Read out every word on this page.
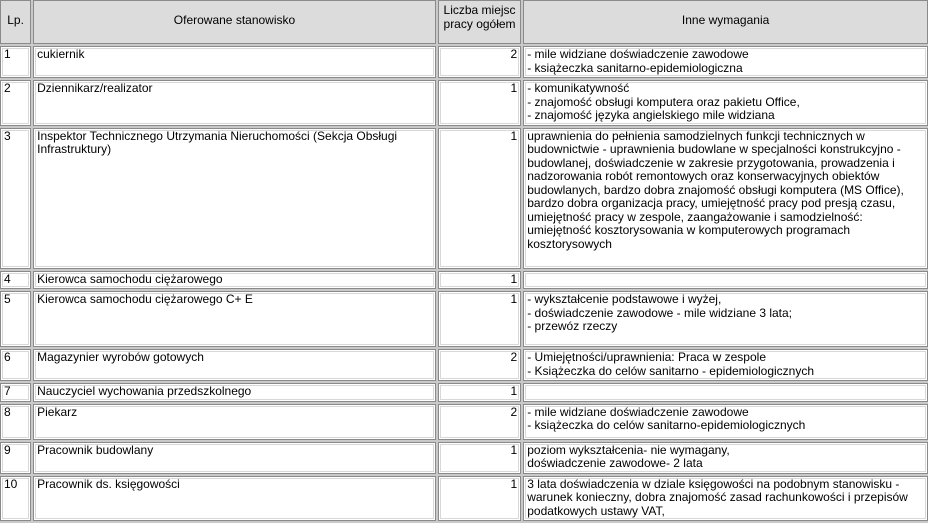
Lp.	Oferowane stanowisko	Liczba miejsc pracy ogółem	Inne wymagania
1	cukiernik	2	- mile widziane doświadczenie zawodowe
- książeczka sanitarno-epidemiologiczna

2	Dziennikarz/realizator	1	- komunikatywność
- znajomość obsługi komputera oraz pakietu Office,
- znajomość języka angielskiego mile widziana

3	Inspektor Technicznego Utrzymania Nieruchomości (Sekcja Obsługi Infrastruktury)	1	uprawnienia do pełnienia samodzielnych funkcji technicznych w budownictwie - uprawnienia budowlane w specjalności konstrukcyjno - budowlanej, doświadczenie w zakresie przygotowania, prowadzenia i nadzorowania robót remontowych oraz konserwacyjnych obiektów budowlanych, bardzo dobra znajomość obsługi komputera (MS Office), bardzo dobra organizacja pracy, umiejętność pracy pod presją czasu, umiejętność pracy w zespole, zaangażowanie i samodzielność: umiejętność kosztorysowania w komputerowych programach kosztorysowych

4	Kierowca samochodu ciężarowego	1	
5	Kierowca samochodu ciężarowego C+ E	1	- wykształcenie podstawowe i wyżej,
- doświadczenie zawodowe - mile widziane 3 lata;
- przewóz rzeczy

6	Magazynier wyrobów gotowych	2	- Umiejętności/uprawnienia: Praca w zespole
- Książeczka do celów sanitarno - epidemiologicznych

7	Nauczyciel wychowania przedszkolnego	1	
8	Piekarz	2	- mile widziane doświadczenie zawodowe
- książeczka do celów sanitarno-epidemiologicznych

9	Pracownik budowlany	1	poziom wykształcenia- nie wymagany,
doświadczenie zawodowe- 2 lata

10	Pracownik ds. księgowości	1	3 lata doświadczenia w dziale księgowości na podobnym stanowisku - warunek konieczny, dobra znajomość zasad rachunkowości i przepisów podatkowych ustawy VAT,
